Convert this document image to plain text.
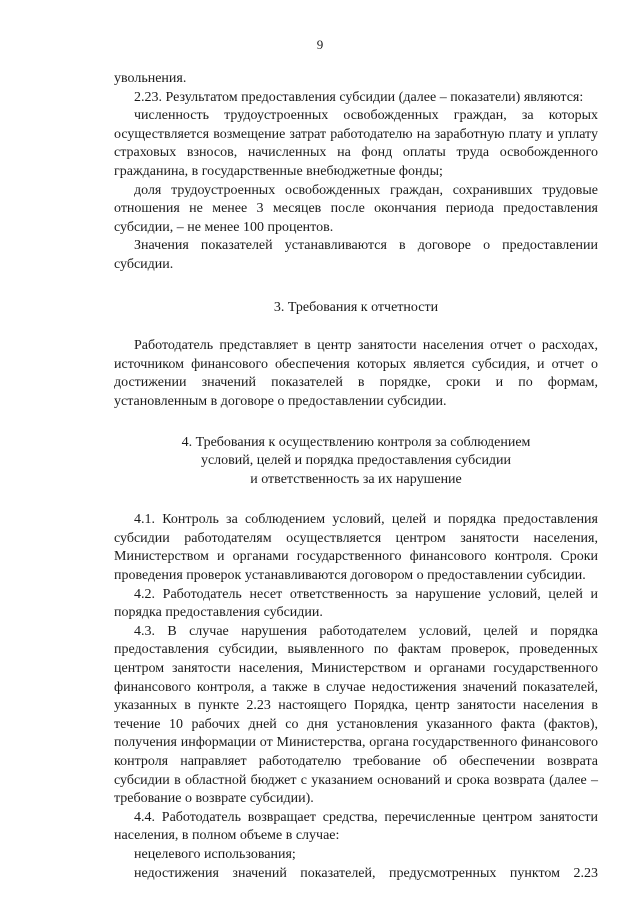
9

увольнения.

2.23. Результатом предоставления субсидии (далее – показатели) являются:

численность трудоустроенных освобожденных граждан, за которых осуществляется возмещение затрат работодателю на заработную плату и уплату страховых взносов, начисленных на фонд оплаты труда освобожденного гражданина, в государственные внебюджетные фонды;

доля трудоустроенных освобожденных граждан, сохранивших трудовые отношения не менее 3 месяцев после окончания периода предоставления субсидии, – не менее 100 процентов.

Значения показателей устанавливаются в договоре о предоставлении субсидии.

3. Требования к отчетности

Работодатель представляет в центр занятости населения отчет о расходах, источником финансового обеспечения которых является субсидия, и отчет о достижении значений показателей в порядке, сроки и по формам, установленным в договоре о предоставлении субсидии.

4. Требования к осуществлению контроля за соблюдением
условий, целей и порядка предоставления субсидии
и ответственность за их нарушение

4.1. Контроль за соблюдением условий, целей и порядка предоставления субсидии работодателям осуществляется центром занятости населения, Министерством и органами государственного финансового контроля. Сроки проведения проверок устанавливаются договором о предоставлении субсидии.

4.2. Работодатель несет ответственность за нарушение условий, целей и порядка предоставления субсидии.

4.3. В случае нарушения работодателем условий, целей и порядка предоставления субсидии, выявленного по фактам проверок, проведенных центром занятости населения, Министерством и органами государственного финансового контроля, а также в случае недостижения значений показателей, указанных в пункте 2.23 настоящего Порядка, центр занятости населения в течение 10 рабочих дней со дня установления указанного факта (фактов), получения информации от Министерства, органа государственного финансового контроля направляет работодателю требование об обеспечении возврата субсидии в областной бюджет с указанием оснований и срока возврата (далее – требование о возврате субсидии).

4.4. Работодатель возвращает средства, перечисленные центром занятости населения, в полном объеме в случае:

нецелевого использования;

недостижения значений показателей, предусмотренных пунктом 2.23
